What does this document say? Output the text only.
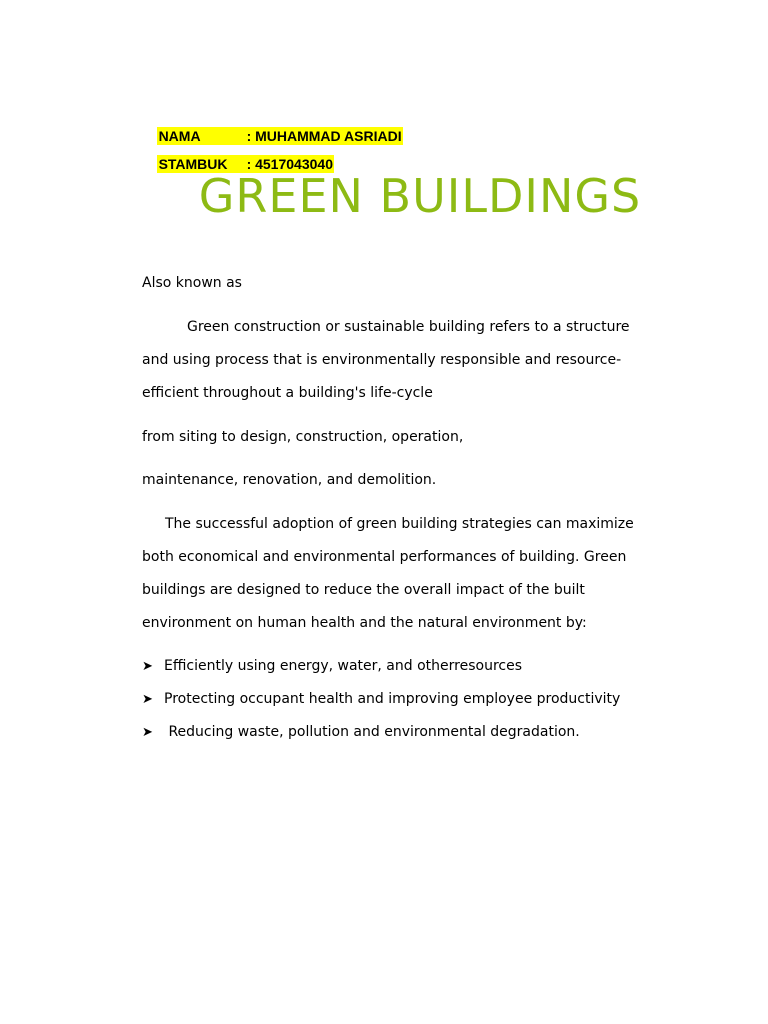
NAMA	: MUHAMMAD ASRIADI

STAMBUK : 4517043040

GREEN BUILDINGS
Also known as
Green construction or sustainable building refers to a structure
and using process that is environmentally responsible and resource-
efficient throughout a building's life-cycle
from siting to design, construction, operation,
maintenance, renovation, and demolition.
The successful adoption of green building strategies can maximize
both economical and environmental performances of building. Green
buildings are designed to reduce the overall impact of the built
environment on human health and the natural environment by:
➤ Efficiently using energy, water, and otherresources
➤ Protecting occupant health and improving employee productivity
➤ Reducing waste, pollution and environmental degradation.
